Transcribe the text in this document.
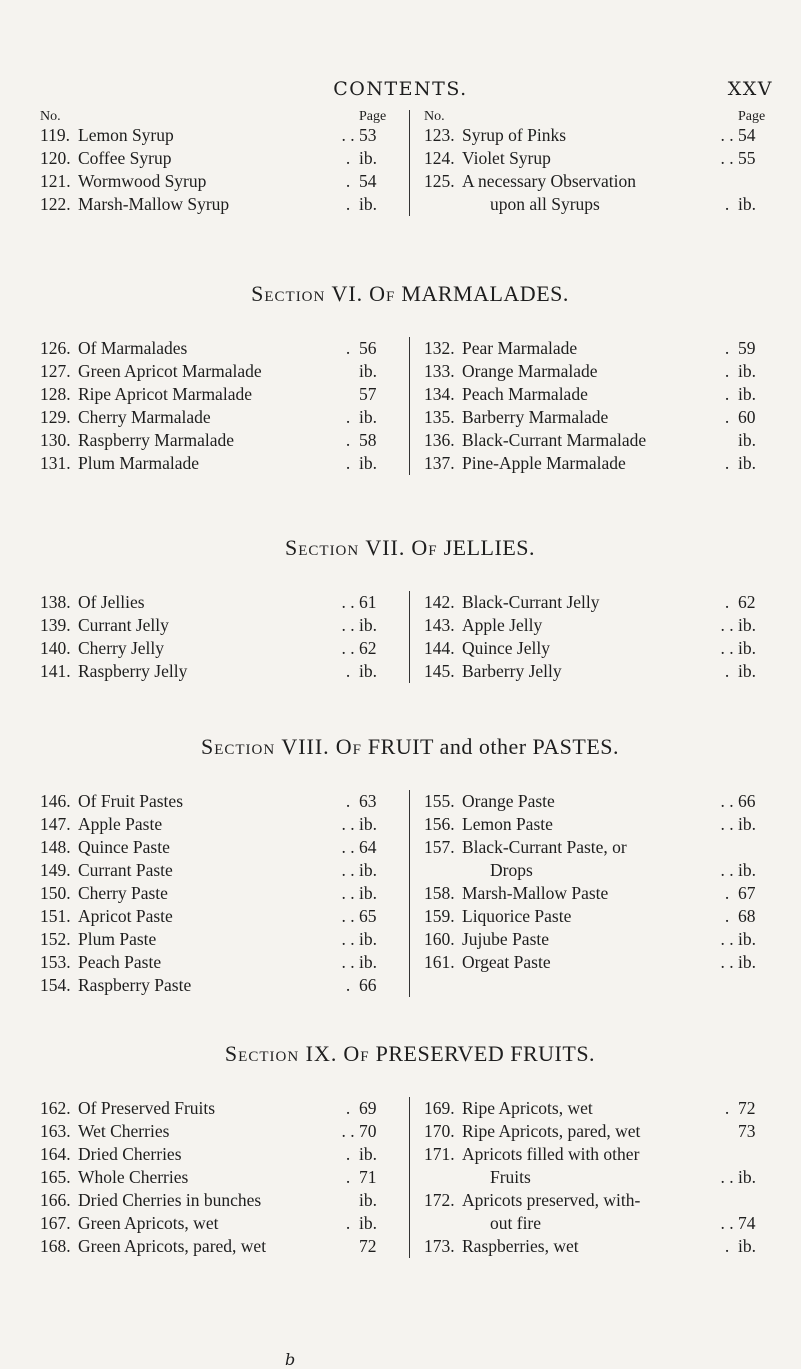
CONTENTS.	XXV
No.	Page
119. Lemon Syrup	. . 53
120. Coffee Syrup	. ib.
121. Wormwood Syrup	. 54
122. Marsh-Mallow Syrup	. ib.
No.	Page
123. Syrup of Pinks	. . 54
124. Violet Syrup	. . 55
125. A necessary Observation
upon all Syrups	. ib.
Section VI. Of MARMALADES.
126. Of Marmalades	. 56
127. Green Apricot Marmalade	ib.
128. Ripe Apricot Marmalade	57
129. Cherry Marmalade	. ib.
130. Raspberry Marmalade	. 58
131. Plum Marmalade	. ib.
132. Pear Marmalade	. 59
133. Orange Marmalade	. ib.
134. Peach Marmalade	. ib.
135. Barberry Marmalade	. 60
136. Black-Currant Marmalade	ib.
137. Pine-Apple Marmalade	. ib.
Section VII. Of JELLIES.
138. Of Jellies	. . 61
139. Currant Jelly	. . ib.
140. Cherry Jelly	. . 62
141. Raspberry Jelly	. ib.
142. Black-Currant Jelly	. 62
143. Apple Jelly	. . ib.
144. Quince Jelly	. . ib.
145. Barberry Jelly	. ib.
Section VIII. Of FRUIT and other PASTES.
146. Of Fruit Pastes	. 63
147. Apple Paste	. . ib.
148. Quince Paste	. . 64
149. Currant Paste	. . ib.
150. Cherry Paste	. . ib.
151. Apricot Paste	. . 65
152. Plum Paste	. . ib.
153. Peach Paste	. . ib.
154. Raspberry Paste	. 66
155. Orange Paste	. . 66
156. Lemon Paste	. . ib.
157. Black-Currant Paste, or
Drops	. . ib.
158. Marsh-Mallow Paste	. 67
159. Liquorice Paste	. 68
160. Jujube Paste	. . ib.
161. Orgeat Paste	. . ib.
Section IX. Of PRESERVED FRUITS.
162. Of Preserved Fruits	. 69
163. Wet Cherries	. . 70
164. Dried Cherries	. ib.
165. Whole Cherries	. 71
166. Dried Cherries in bunches	ib.
167. Green Apricots, wet	. ib.
168. Green Apricots, pared, wet	72
169. Ripe Apricots, wet	. 72
170. Ripe Apricots, pared, wet	73
171. Apricots filled with other
Fruits	. . ib.
172. Apricots preserved, with-
out fire	. . 74
173. Raspberries, wet	. ib.
b
